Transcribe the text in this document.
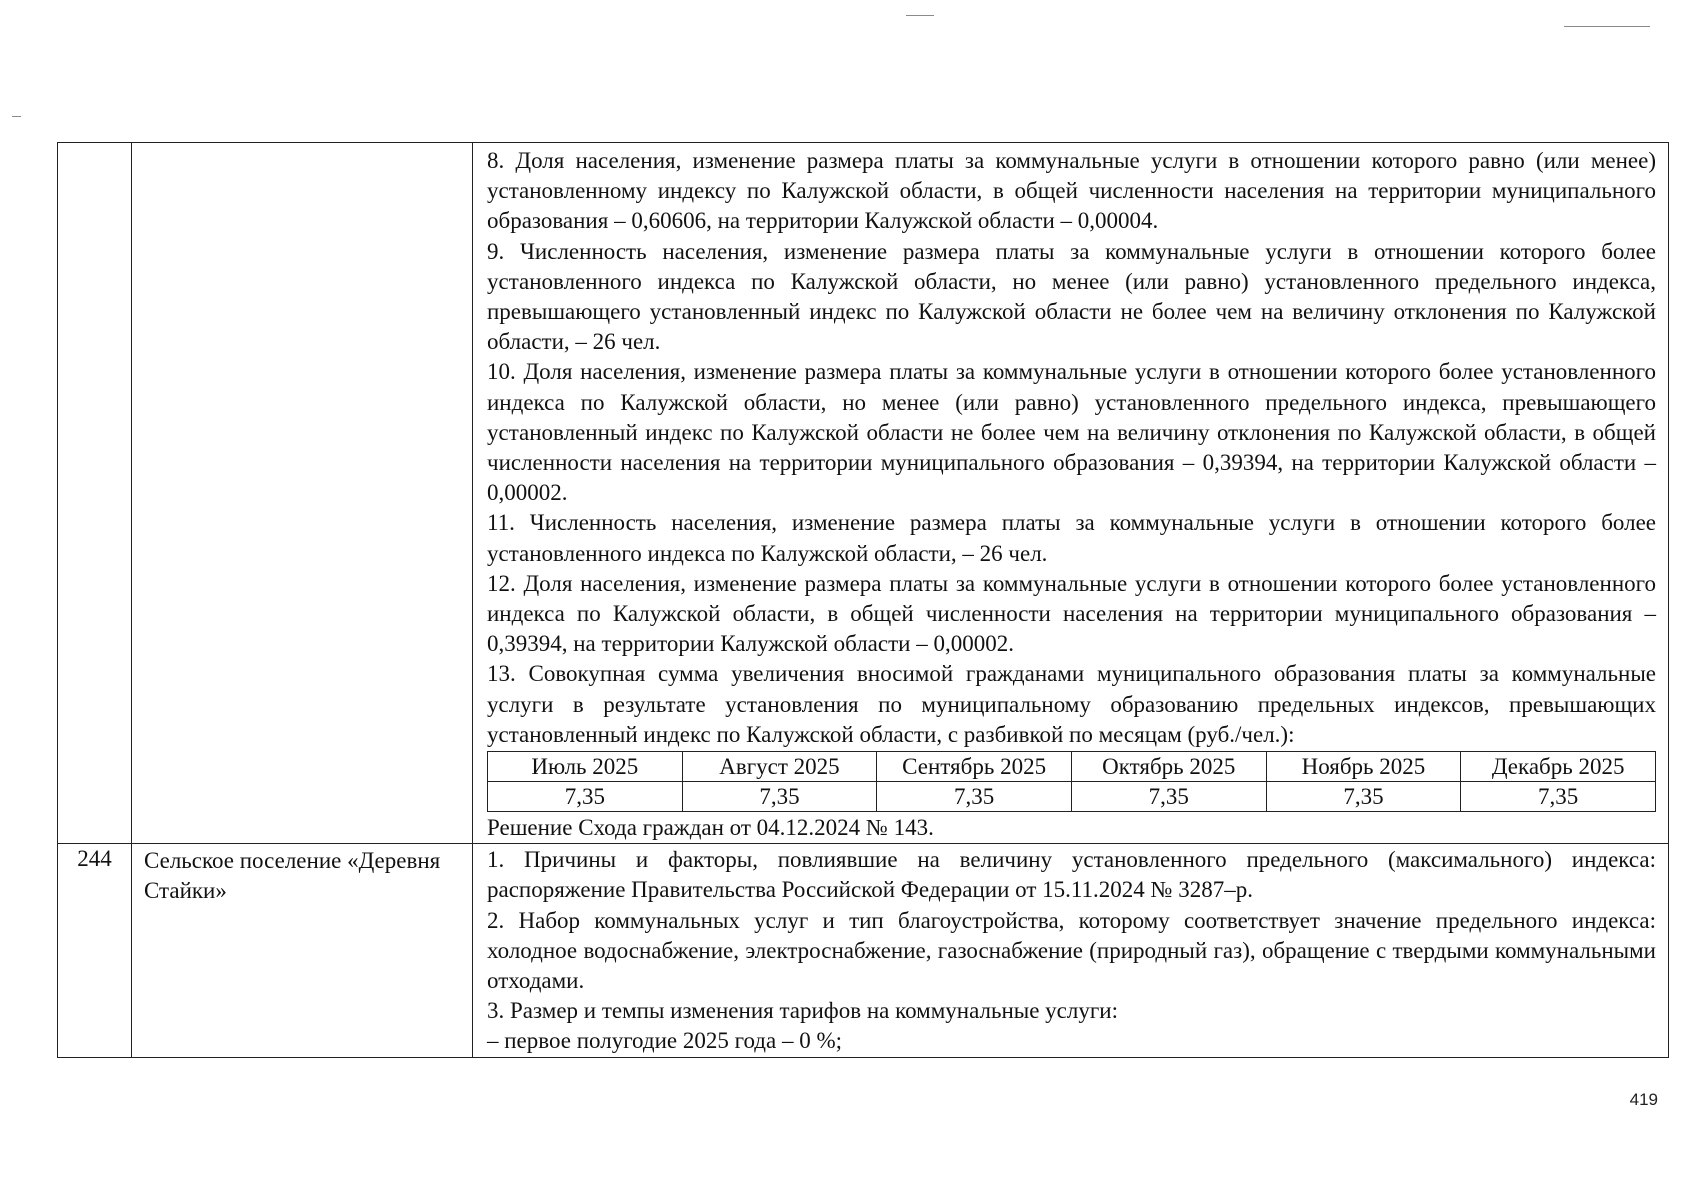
8. Доля населения, изменение размера платы за коммунальные услуги в отношении которого равно (или менее) установленному индексу по Калужской области, в общей численности населения на территории муниципального образования – 0,60606, на территории Калужской области – 0,00004.

9. Численность населения, изменение размера платы за коммунальные услуги в отношении которого более установленного индекса по Калужской области, но менее (или равно) установленного предельного индекса, превышающего установленный индекс по Калужской области не более чем на величину отклонения по Калужской области, – 26 чел.

10. Доля населения, изменение размера платы за коммунальные услуги в отношении которого более установленного индекса по Калужской области, но менее (или равно) установленного предельного индекса, превышающего установленный индекс по Калужской области не более чем на величину отклонения по Калужской области, в общей численности населения на территории муниципального образования – 0,39394, на территории Калужской области – 0,00002.

11. Численность населения, изменение размера платы за коммунальные услуги в отношении которого более установленного индекса по Калужской области, – 26 чел.

12. Доля населения, изменение размера платы за коммунальные услуги в отношении которого более установленного индекса по Калужской области, в общей численности населения на территории муниципального образования – 0,39394, на территории Калужской области – 0,00002.

13. Совокупная сумма увеличения вносимой гражданами муниципального образования платы за коммунальные услуги в результате установления по муниципальному образованию предельных индексов, превышающих установленный индекс по Калужской области, с разбивкой по месяцам (руб./чел.):

Июль 2025	Август 2025	Сентябрь 2025	Октябрь 2025	Ноябрь 2025	Декабрь 2025
7,35	7,35	7,35	7,35	7,35	7,35

Решение Схода граждан от 04.12.2024 № 143.

244	Сельское поселение «Деревня Стайки»	

1. Причины и факторы, повлиявшие на величину установленного предельного (максимального) индекса: распоряжение Правительства Российской Федерации от 15.11.2024 № 3287–р.

2. Набор коммунальных услуг и тип благоустройства, которому соответствует значение предельного индекса: холодное водоснабжение, электроснабжение, газоснабжение (природный газ), обращение с твердыми коммунальными отходами.

3. Размер и темпы изменения тарифов на коммунальные услуги:

– первое полугодие 2025 года – 0 %;

419
